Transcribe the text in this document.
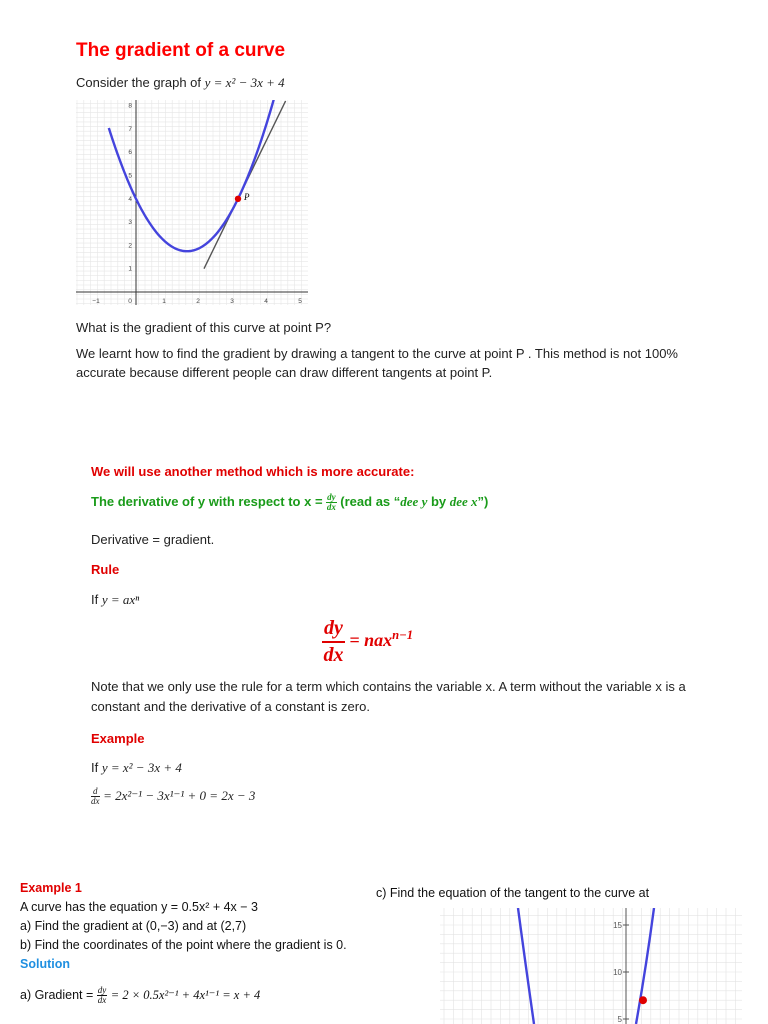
The gradient of a curve
Consider the graph of y = x² − 3x + 4
−1	0	1	2	3	4	5
1
2
3
4
5
6
7
8
P
What is the gradient of this curve at point P?
We learnt how to find the gradient by drawing a tangent to the curve at point P . This method is not 100% accurate because different people can draw different tangents at point P.
We will use another method which is more accurate:
The derivative of y with respect to $x = \frac{dy}{dx}$ (read as “dee y by dee x”)
Derivative = gradient.
Rule
If y = axⁿ
$\frac{dy}{dx} = nax^{n-1}$
Note that we only use the rule for a term which contains the variable x. A term without the variable x is a constant and the derivative of a constant is zero.
Example
If y = x² − 3x + 4
$\frac{d}{dx} = 2x^{2-1} - 3x^{1-1} + 0 = 2x - 3$
Example 1
A curve has the equation y = 0.5x² + 4x − 3
a) Find the gradient at (0,−3) and at (2,7)
b) Find the coordinates of the point where the gradient is 0.
Solution
a) Gradient = $\frac{dy}{dx} = 2 \times 0.5x^{2-1} + 4x^{1-1} = x + 4$
c) Find the equation of the tangent to the curve at
15
10
5
